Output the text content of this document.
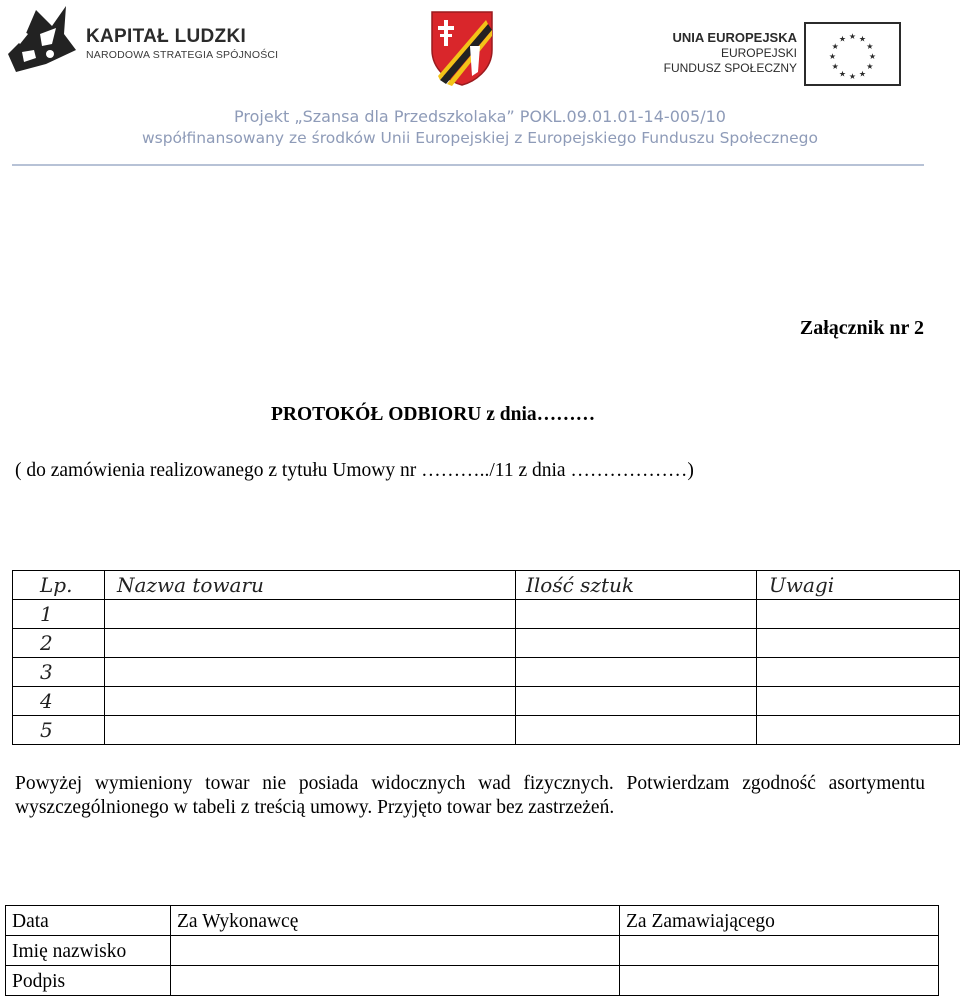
KAPITAŁ LUDZKI
NARODOWA STRATEGIA SPÓJNOŚCI
UNIA EUROPEJSKA
EUROPEJSKI
FUNDUSZ SPOŁECZNY
★ ★
★
★
★
★
★
★
★
★
★
★
Projekt „Szansa dla Przedszkolaka” POKL.09.01.01-14-005/10
współfinansowany ze środków Unii Europejskiej z Europejskiego Funduszu Społecznego
Załącznik nr 2
PROTOKÓŁ ODBIORU z dnia………
( do zamówienia realizowanego z tytułu Umowy nr ………../11 z dnia ………………)
Lp.	Nazwa towaru	Ilość sztuk	Uwagi
1			
2			
3			
4			
5			
Powyżej wymieniony towar nie posiada widocznych wad fizycznych. Potwierdzam zgodność asortymentu wyszczególnionego w tabeli z treścią umowy. Przyjęto towar bez zastrzeżeń.
Data	Za Wykonawcę	Za Zamawiającego
Imię nazwisko		
Podpis		
